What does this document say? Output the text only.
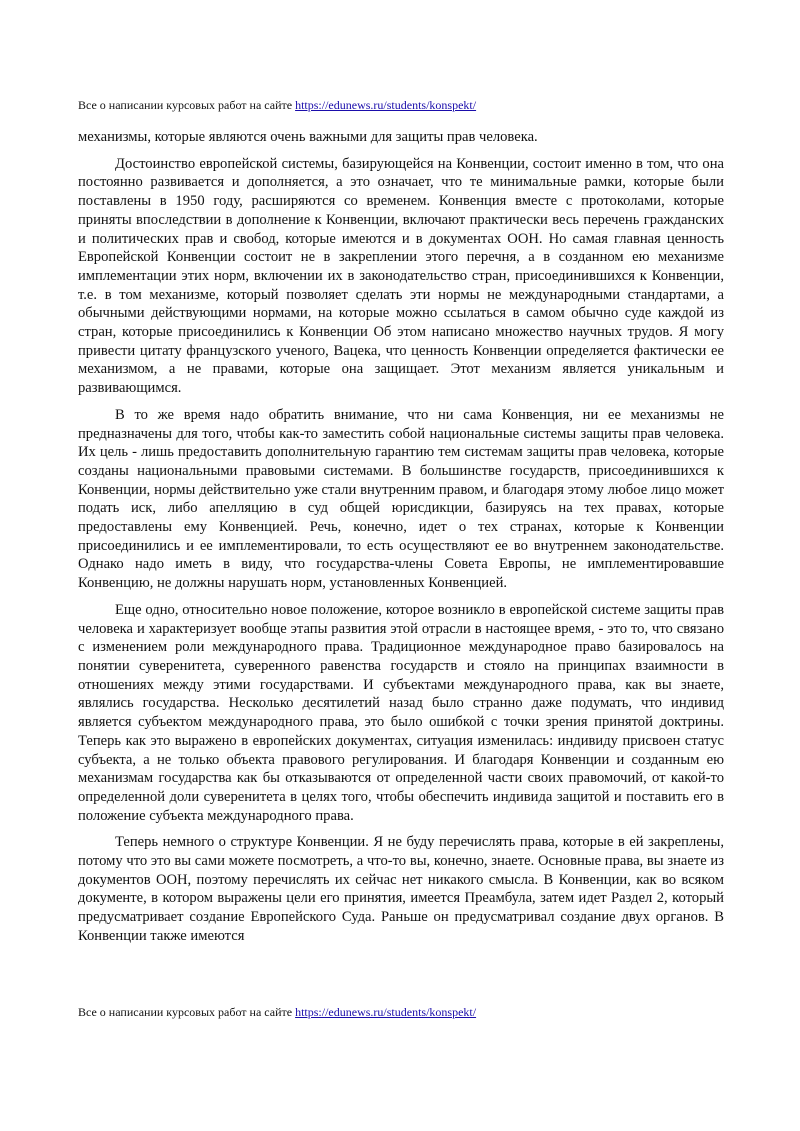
Все о написании курсовых работ на сайте https://edunews.ru/students/konspekt/

механизмы, которые являются очень важными для защиты прав человека.

Достоинство европейской системы, базирующейся на Конвенции, состоит именно в том, что она постоянно развивается и дополняется, а это означает, что те минимальные рамки, которые были поставлены в 1950 году, расширяются со временем. Конвенция вместе с протоколами, которые приняты впоследствии в дополнение к Конвенции, включают практически весь перечень гражданских и политических прав и свобод, которые имеются и в документах ООН. Но самая главная ценность Европейской Конвенции состоит не в закреплении этого перечня, а в созданном ею механизме имплементации этих норм, включении их в законодательство стран, присоединившихся к Конвенции, т.е. в том механизме, который позволяет сделать эти нормы не международными стандартами, а обычными действующими нормами, на которые можно ссылаться в самом обычно суде каждой из стран, которые присоединились к Конвенции Об этом написано множество научных трудов. Я могу привести цитату французского ученого, Вацека, что ценность Конвенции определяется фактически ее механизмом, а не правами, которые она защищает. Этот механизм является уникальным и развивающимся.

В то же время надо обратить внимание, что ни сама Конвенция, ни ее механизмы не предназначены для того, чтобы как-то заместить собой национальные системы защиты прав человека. Их цель - лишь предоставить дополнительную гарантию тем системам защиты прав человека, которые созданы национальными правовыми системами. В большинстве государств, присоединившихся к Конвенции, нормы действительно уже стали внутренним правом, и благодаря этому любое лицо может подать иск, либо апелляцию в суд общей юрисдикции, базируясь на тех правах, которые предоставлены ему Конвенцией. Речь, конечно, идет о тех странах, которые к Конвенции присоединились и ее имплементировали, то есть осуществляют ее во внутреннем законодательстве. Однако надо иметь в виду, что государства-члены Совета Европы, не имплементировавшие Конвенцию, не должны нарушать норм, установленных Конвенцией.

Еще одно, относительно новое положение, которое возникло в европейской системе защиты прав человека и характеризует вообще этапы развития этой отрасли в настоящее время, - это то, что связано с изменением роли международного права. Традиционное международное право базировалось на понятии суверенитета, суверенного равенства государств и стояло на принципах взаимности в отношениях между этими государствами. И субъектами международного права, как вы знаете, являлись государства. Несколько десятилетий назад было странно даже подумать, что индивид является субъектом международного права, это было ошибкой с точки зрения принятой доктрины. Теперь как это выражено в европейских документах, ситуация изменилась: индивиду присвоен статус субъекта, а не только объекта правового регулирования. И благодаря Конвенции и созданным ею механизмам государства как бы отказываются от определенной части своих правомочий, от какой-то определенной доли суверенитета в целях того, чтобы обеспечить индивида защитой и поставить его в положение субъекта международного права.

Теперь немного о структуре Конвенции. Я не буду перечислять права, которые в ей закреплены, потому что это вы сами можете посмотреть, а что-то вы, конечно, знаете. Основные права, вы знаете из документов ООН, поэтому перечислять их сейчас нет никакого смысла. В Конвенции, как во всяком документе, в котором выражены цели его принятия, имеется Преамбула, затем идет Раздел 2, который предусматривает создание Европейского Суда. Раньше он предусматривал создание двух органов. В Конвенции также имеются

Все о написании курсовых работ на сайте https://edunews.ru/students/konspekt/
